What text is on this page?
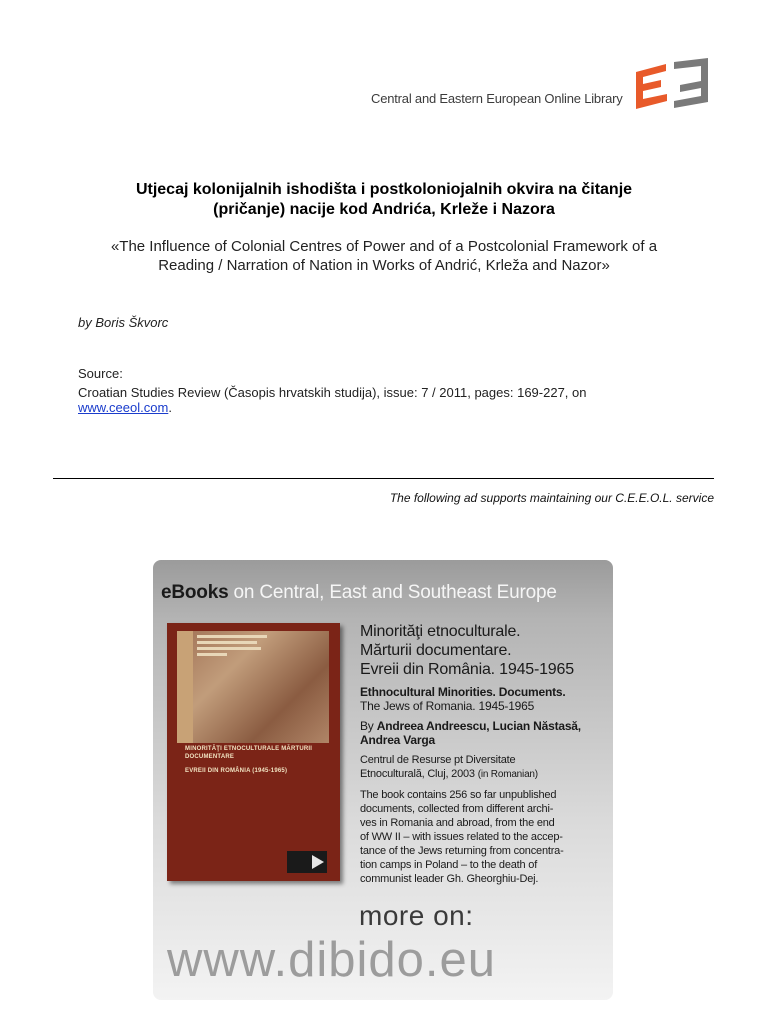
Central and Eastern European Online Library
Utjecaj kolonijalnih ishodišta i postkoloniojalnih okvira na čitanje
(pričanje) nacije kod Andrića, Krleže i Nazora
«The Influence of Colonial Centres of Power and of a Postcolonial Framework of a
Reading / Narration of Nation in Works of Andrić, Krleža and Nazor»
by Boris Škvorc
Source:
Croatian Studies Review (Časopis hrvatskih studija), issue: 7 / 2011, pages: 169-227, on
www.ceeol.com.
The following ad supports maintaining our C.E.E.O.L. service
eBooks on Central, East and Southeast Europe
MINORITĂŢI ETNOCULTURALE MĂRTURII DOCUMENTARE
EVREII DIN ROMÂNIA (1945-1965)
Minorităţi etnoculturale.
Mărturii documentare.
Evreii din România. 1945-1965
Ethnocultural Minorities. Documents.
The Jews of Romania. 1945-1965
By Andreea Andreescu, Lucian Năstasă, Andrea Varga
Centrul de Resurse pt Diversitate
Etnoculturală, Cluj, 2003 (in Romanian)
The book contains 256 so far unpublished
documents, collected from different archi-
ves in Romania and abroad, from the end
of WW II – with issues related to the accep-
tance of the Jews returning from concentra-
tion camps in Poland – to the death of
communist leader Gh. Gheorghiu-Dej.
more on:
www.dibido.eu
